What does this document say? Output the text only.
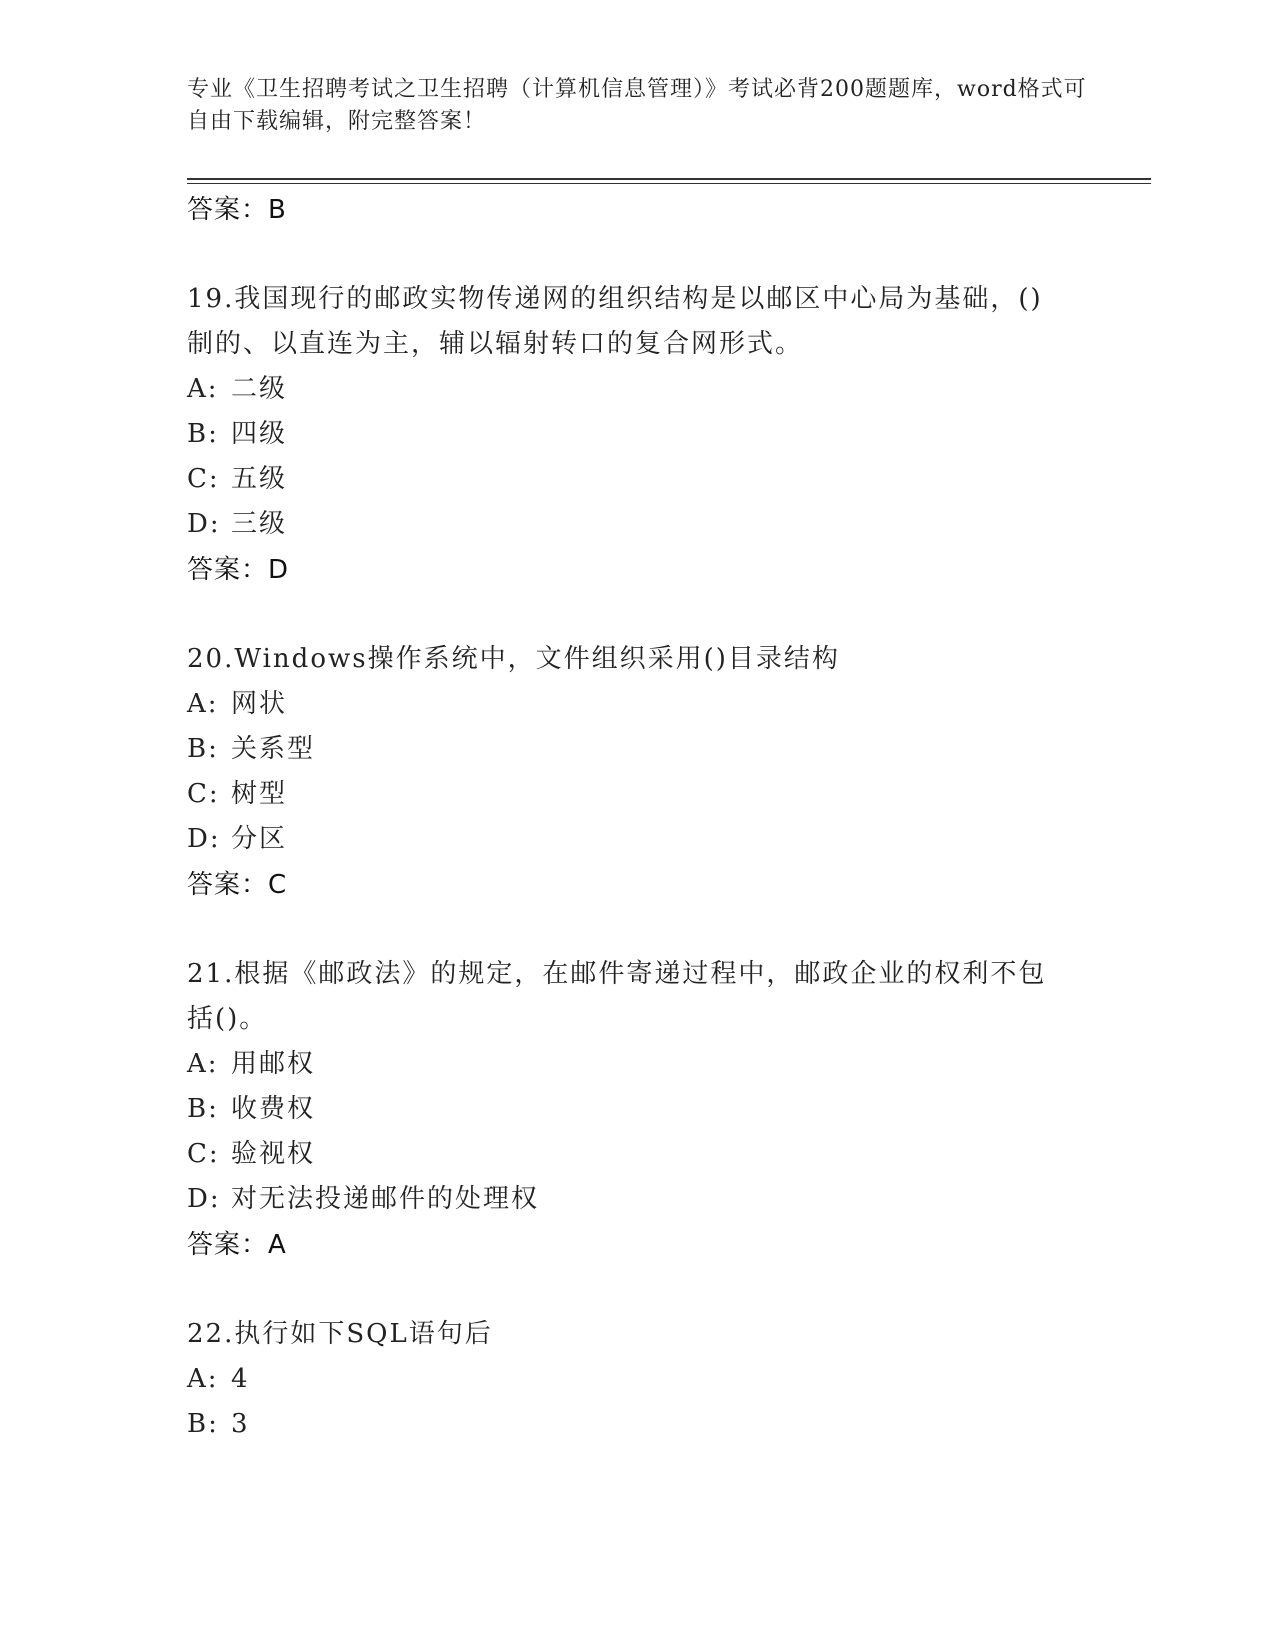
专业《卫生招聘考试之卫生招聘（计算机信息管理）》考试必背200题题库，word格式可自由下载编辑，附完整答案！
答案：B
19.我国现行的邮政实物传递网的组织结构是以邮区中心局为基础，()制的、以直连为主，辅以辐射转口的复合网形式。
A: 二级
B: 四级
C: 五级
D: 三级
答案：D
20.Windows操作系统中，文件组织采用()目录结构
A: 网状
B: 关系型
C: 树型
D: 分区
答案：C
21.根据《邮政法》的规定，在邮件寄递过程中，邮政企业的权利不包括()。
A: 用邮权
B: 收费权
C: 验视权
D: 对无法投递邮件的处理权
答案：A
22.执行如下SQL语句后
A: 4
B: 3
